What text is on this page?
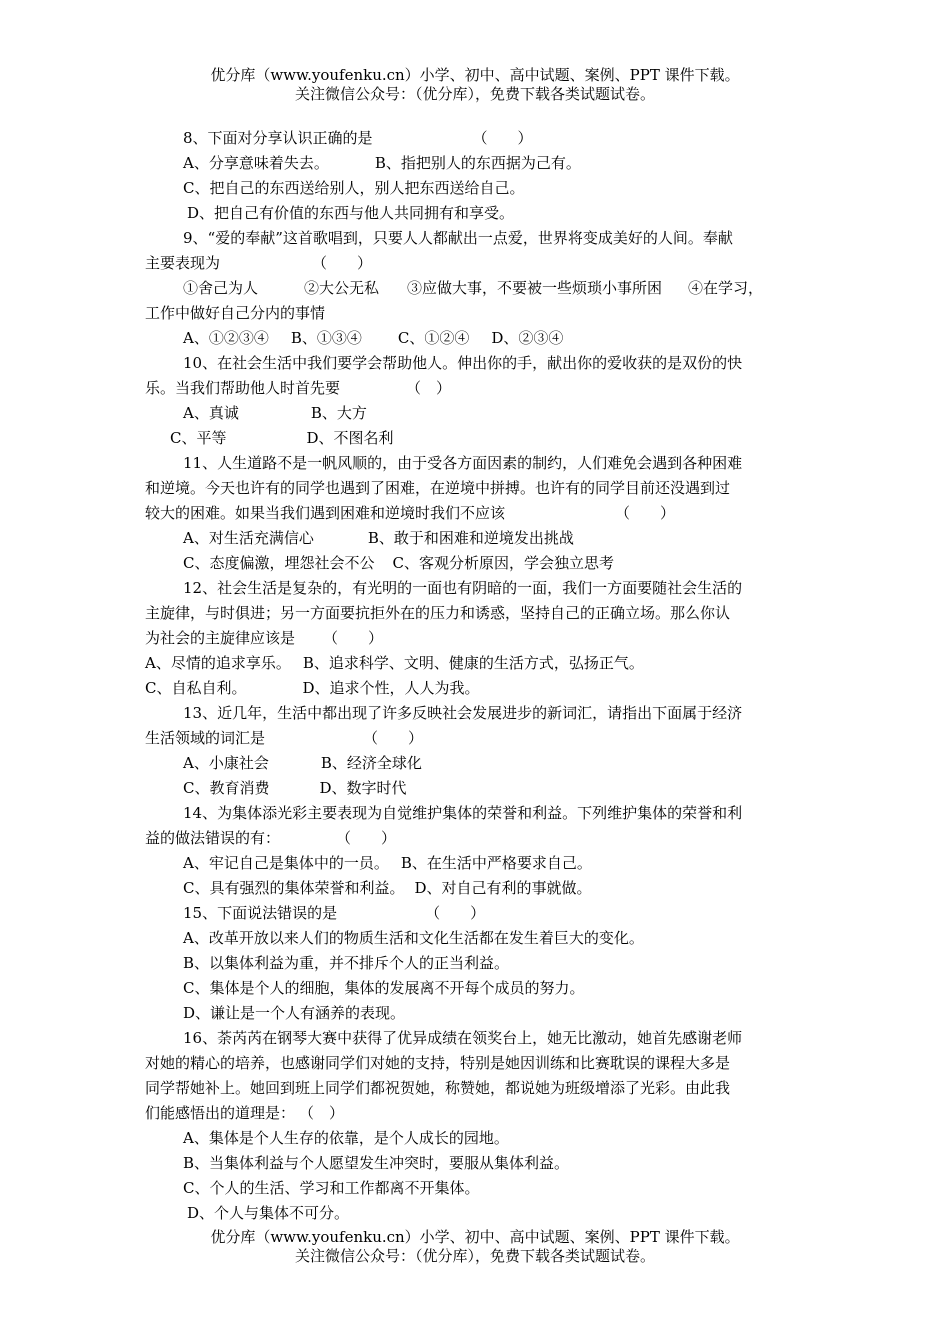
优分库（www.youfenku.cn）小学、初中、高中试题、案例、PPT 课件下载。
关注微信公众号：（优分库），免费下载各类试题试卷。
8、下面对分享认识正确的是	（　　）
A、分享意味着失去。	B、指把别人的东西据为己有。
C、把自己的东西送给别人，别人把东西送给自己。
D、把自己有价值的东西与他人共同拥有和享受。
9、“爱的奉献”这首歌唱到，只要人人都献出一点爱，世界将变成美好的人间。奉献
主要表现为	（　　）
①舍己为人	②大公无私 ③应做大事，不要被一些烦琐小事所困 ④在学习，
工作中做好自己分内的事情
A、①②③④ B、①③④ C、①②④ D、②③④
10、在社会生活中我们要学会帮助他人。伸出你的手，献出你的爱收获的是双份的快
乐。当我们帮助他人时首先要	（　）
A、真诚	B、大方
C、平等	D、不图名利
11、人生道路不是一帆风顺的，由于受各方面因素的制约，人们难免会遇到各种困难
和逆境。今天也许有的同学也遇到了困难，在逆境中拼搏。也许有的同学目前还没遇到过
较大的困难。如果当我们遇到困难和逆境时我们不应该	（　　）
A、对生活充满信心	B、敢于和困难和逆境发出挑战
C、态度偏激，埋怨社会不公 C、客观分析原因，学会独立思考
12、社会生活是复杂的，有光明的一面也有阴暗的一面，我们一方面要随社会生活的
主旋律，与时俱进；另一方面要抗拒外在的压力和诱惑，坚持自己的正确立场。那么你认
为社会的主旋律应该是 （　　）
A、尽情的追求享乐。 B、追求科学、文明、健康的生活方式，弘扬正气。
C、自私自利。	D、追求个性，人人为我。
13、近几年，生活中都出现了许多反映社会发展进步的新词汇，请指出下面属于经济
生活领域的词汇是	（　　）
A、小康社会	B、经济全球化
C、教育消费	D、数字时代
14、为集体添光彩主要表现为自觉维护集体的荣誉和利益。下列维护集体的荣誉和利
益的做法错误的有：	（　　）
A、牢记自己是集体中的一员。 B、在生活中严格要求自己。
C、具有强烈的集体荣誉和利益。 D、对自己有利的事就做。
15、下面说法错误的是	（　　）
A、改革开放以来人们的物质生活和文化生活都在发生着巨大的变化。
B、以集体利益为重，并不排斥个人的正当利益。
C、集体是个人的细胞，集体的发展离不开每个成员的努力。
D、谦让是一个人有涵养的表现。
16、荼芮芮在钢琴大赛中获得了优异成绩在领奖台上，她无比激动，她首先感谢老师
对她的精心的培养，也感谢同学们对她的支持，特别是她因训练和比赛耽误的课程大多是
同学帮她补上。她回到班上同学们都祝贺她，称赞她，都说她为班级增添了光彩。由此我
们能感悟出的道理是： （　）
A、集体是个人生存的依靠，是个人成长的园地。
B、当集体利益与个人愿望发生冲突时，要服从集体利益。
C、个人的生活、学习和工作都离不开集体。
D、个人与集体不可分。
优分库（www.youfenku.cn）小学、初中、高中试题、案例、PPT 课件下载。
关注微信公众号：（优分库），免费下载各类试题试卷。
